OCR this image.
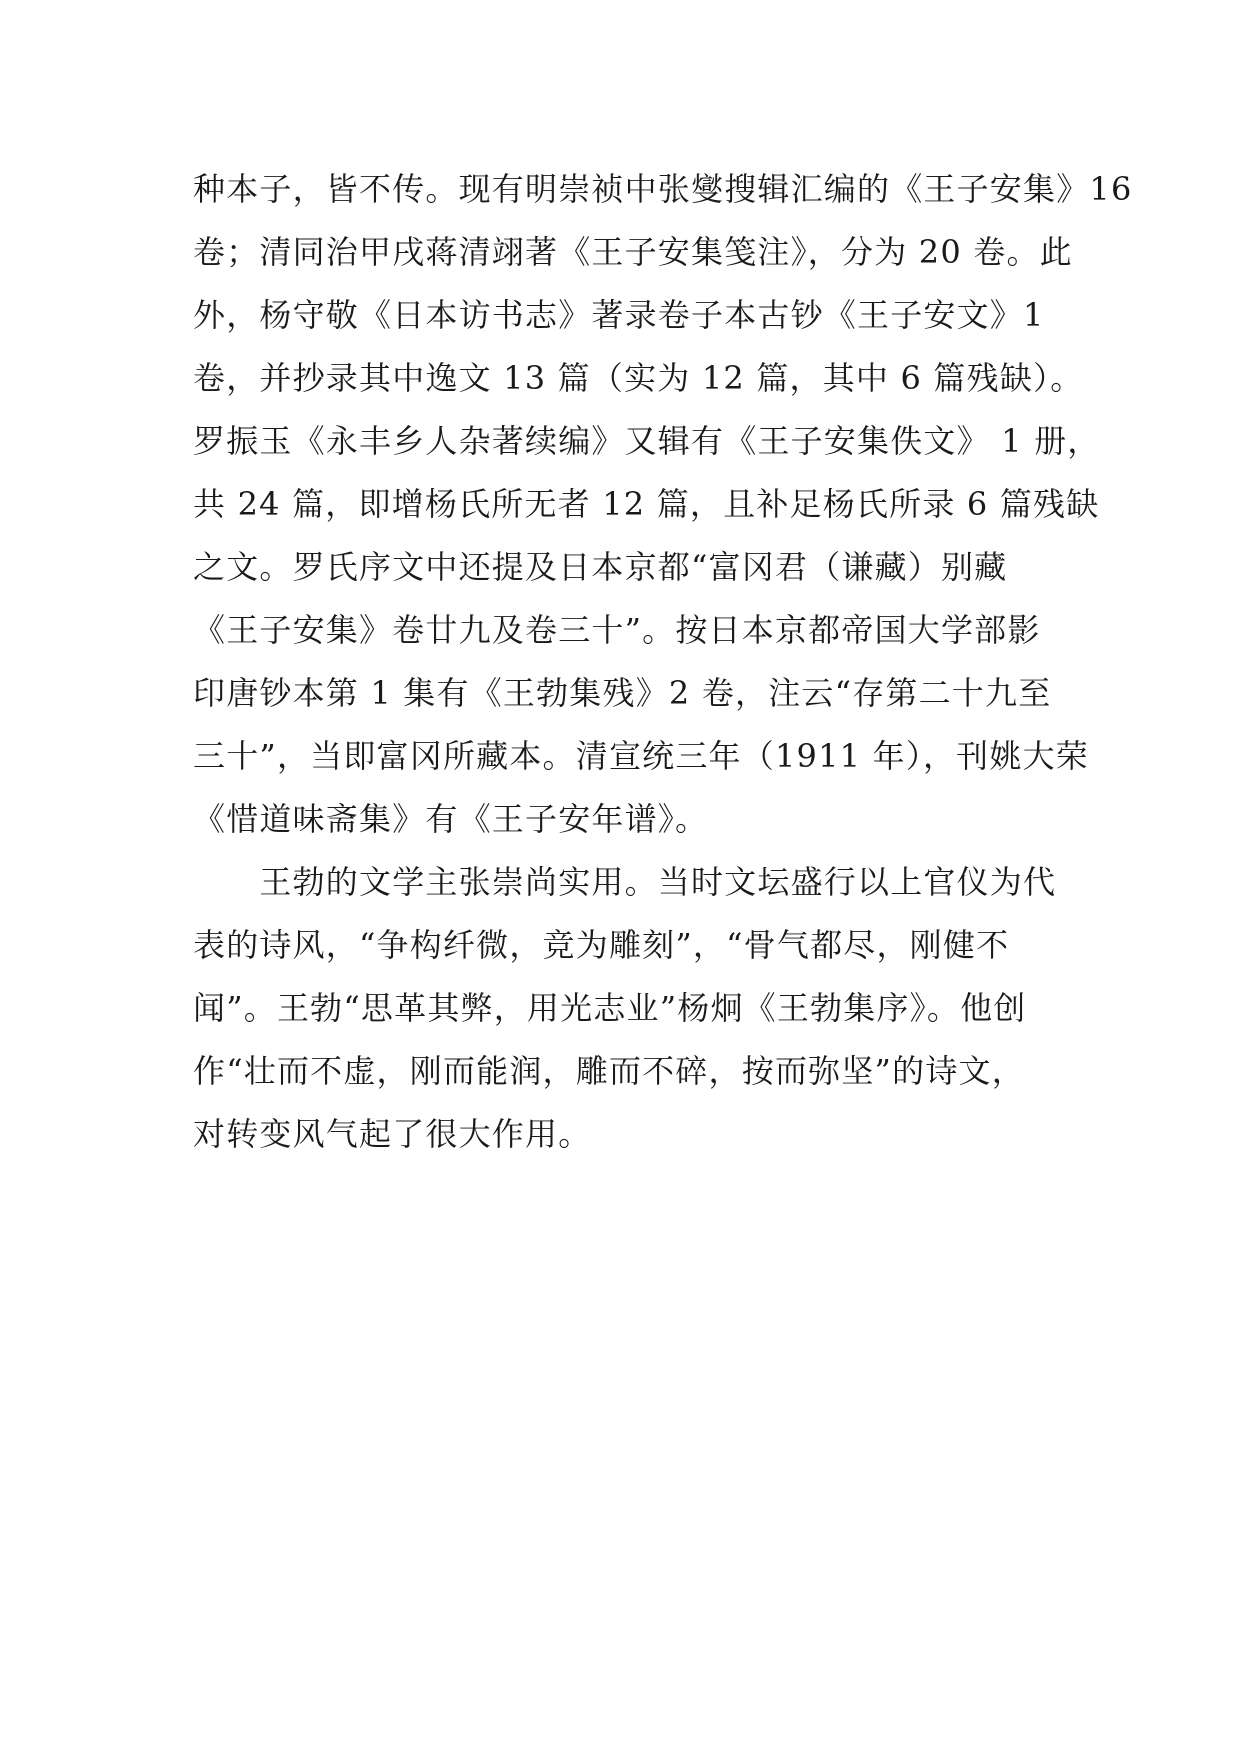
种本子，皆不传。现有明崇祯中张燮搜辑汇编的《王子安集》16
卷；清同治甲戌蒋清翊著《王子安集笺注》，分为 20 卷。此
外，杨守敬《日本访书志》著录卷子本古钞《王子安文》1
卷，并抄录其中逸文 13 篇（实为 12 篇，其中 6 篇残缺）。
罗振玉《永丰乡人杂著续编》又辑有《王子安集佚文》 1 册，
共 24 篇，即增杨氏所无者 12 篇，且补足杨氏所录 6 篇残缺
之文。罗氏序文中还提及日本京都“富冈君（谦藏）别藏
《王子安集》卷廿九及卷三十”。按日本京都帝国大学部影
印唐钞本第 1 集有《王勃集残》2 卷，注云“存第二十九至
三十”，当即富冈所藏本。清宣统三年（1911 年），刊姚大荣
《惜道味斋集》有《王子安年谱》。
　　王勃的文学主张崇尚实用。当时文坛盛行以上官仪为代
表的诗风，“争构纤微，竞为雕刻”，“骨气都尽，刚健不
闻”。王勃“思革其弊，用光志业”杨炯《王勃集序》。他创
作“壮而不虚，刚而能润，雕而不碎，按而弥坚”的诗文，
对转变风气起了很大作用。
